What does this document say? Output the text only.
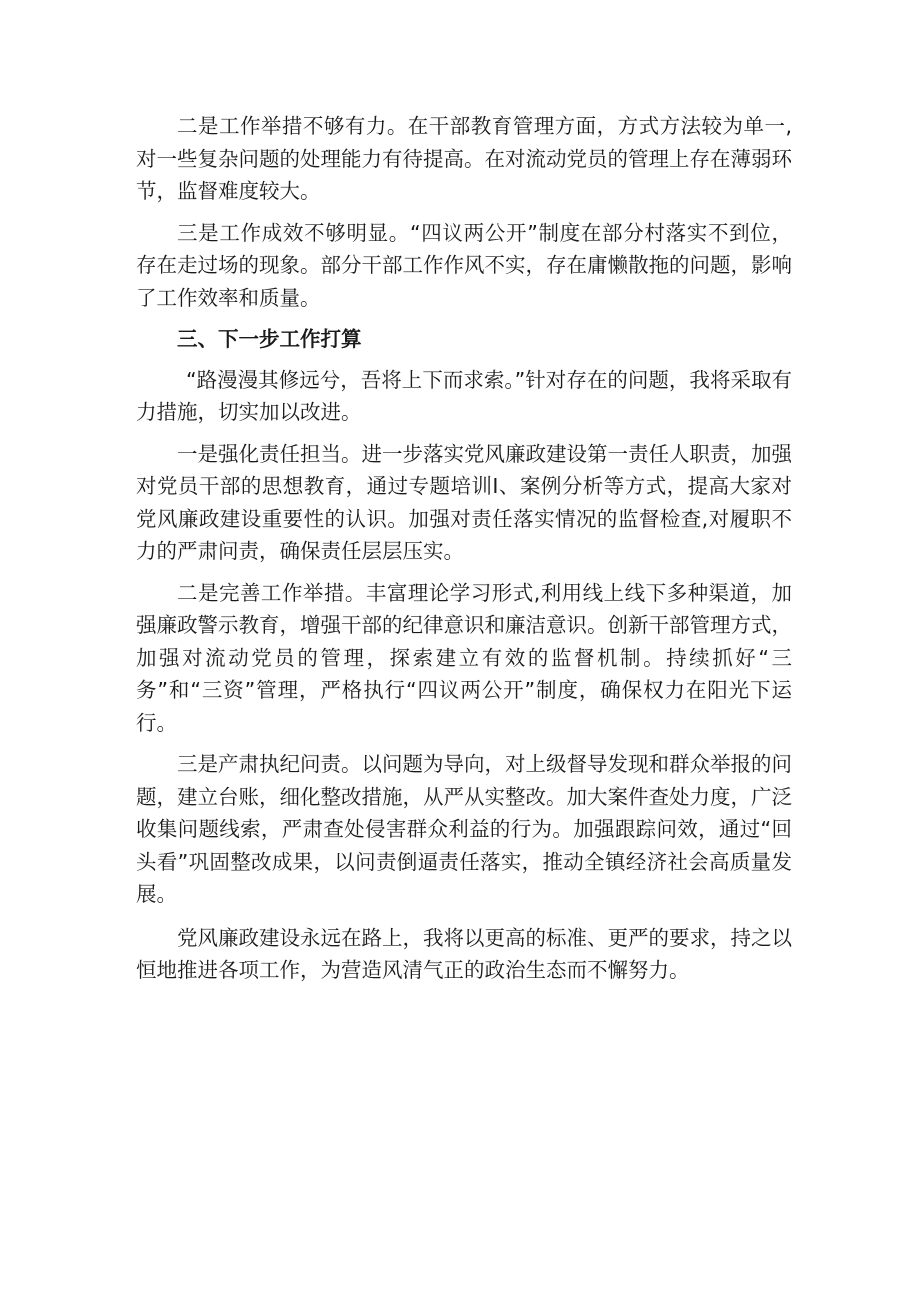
二是工作举措不够有力。在干部教育管理方面，方式方法较为单一,对一些复杂问题的处理能力有待提高。在对流动党员的管理上存在薄弱环节，监督难度较大。

三是工作成效不够明显。“四议两公开”制度在部分村落实不到位，存在走过场的现象。部分干部工作作风不实，存在庸懒散拖的问题，影响了工作效率和质量。

三、下一步工作打算

“路漫漫其修远兮，吾将上下而求索。”针对存在的问题，我将采取有力措施，切实加以改进。

一是强化责任担当。进一步落实党风廉政建设第一责任人职责，加强对党员干部的思想教育，通过专题培训I、案例分析等方式，提高大家对党风廉政建设重要性的认识。加强对责任落实情况的监督检查,对履职不力的严肃问责，确保责任层层压实。

二是完善工作举措。丰富理论学习形式,利用线上线下多种渠道，加强廉政警示教育，增强干部的纪律意识和廉洁意识。创新干部管理方式，加强对流动党员的管理，探索建立有效的监督机制。持续抓好“三务”和“三资”管理，严格执行“四议两公开”制度，确保权力在阳光下运行。

三是产肃执纪问责。以问题为导向，对上级督导发现和群众举报的问题，建立台账，细化整改措施，从严从实整改。加大案件查处力度，广泛收集问题线索，严肃查处侵害群众利益的行为。加强跟踪问效，通过“回头看”巩固整改成果，以问责倒逼责任落实，推动全镇经济社会高质量发展。

党风廉政建设永远在路上，我将以更高的标准、更严的要求，持之以恒地推进各项工作，为营造风清气正的政治生态而不懈努力。
